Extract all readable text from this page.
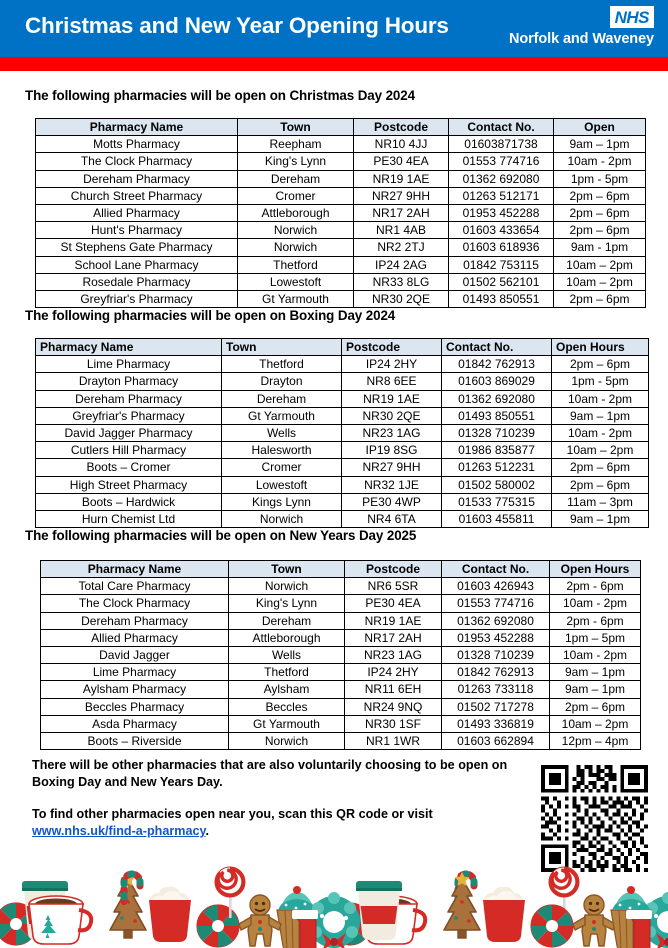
Christmas and New Year Opening Hours	NHS
Norfolk and Waveney
The following pharmacies will be open on Christmas Day 2024
Pharmacy Name	Town	Postcode	Contact No.	Open
Motts Pharmacy	Reepham	NR10 4JJ	01603871738	9am – 1pm
The Clock Pharmacy	King's Lynn	PE30 4EA	01553 774716	10am - 2pm
Dereham Pharmacy	Dereham	NR19 1AE	01362 692080	1pm - 5pm
Church Street Pharmacy	Cromer	NR27 9HH	01263 512171	2pm – 6pm
Allied Pharmacy	Attleborough	NR17 2AH	01953 452288	2pm – 6pm
Hunt's Pharmacy	Norwich	NR1 4AB	01603 433654	2pm – 6pm
St Stephens Gate Pharmacy	Norwich	NR2 2TJ	01603 618936	9am - 1pm
School Lane Pharmacy	Thetford	IP24 2AG	01842 753115	10am – 2pm
Rosedale Pharmacy	Lowestoft	NR33 8LG	01502 562101	10am – 2pm
Greyfriar's Pharmacy	Gt Yarmouth	NR30 2QE	01493 850551	2pm – 6pm
The following pharmacies will be open on Boxing Day 2024
Pharmacy Name	Town	Postcode	Contact No.	Open Hours
Lime Pharmacy	Thetford	IP24 2HY	01842 762913	2pm – 6pm
Drayton Pharmacy	Drayton	NR8 6EE	01603 869029	1pm - 5pm
Dereham Pharmacy	Dereham	NR19 1AE	01362 692080	10am - 2pm
Greyfriar's Pharmacy	Gt Yarmouth	NR30 2QE	01493 850551	9am – 1pm
David Jagger Pharmacy	Wells	NR23 1AG	01328 710239	10am - 2pm
Cutlers Hill Pharmacy	Halesworth	IP19 8SG	01986 835877	10am – 2pm
Boots – Cromer	Cromer	NR27 9HH	01263 512231	2pm – 6pm
High Street Pharmacy	Lowestoft	NR32 1JE	01502 580002	2pm – 6pm
Boots – Hardwick	Kings Lynn	PE30 4WP	01533 775315	11am – 3pm
Hurn Chemist Ltd	Norwich	NR4 6TA	01603 455811	9am – 1pm
The following pharmacies will be open on New Years Day 2025
Pharmacy Name	Town	Postcode	Contact No.	Open Hours
Total Care Pharmacy	Norwich	NR6 5SR	01603 426943	2pm - 6pm
The Clock Pharmacy	King's Lynn	PE30 4EA	01553 774716	10am - 2pm
Dereham Pharmacy	Dereham	NR19 1AE	01362 692080	2pm - 6pm
Allied Pharmacy	Attleborough	NR17 2AH	01953 452288	1pm – 5pm
David Jagger	Wells	NR23 1AG	01328 710239	10am - 2pm
Lime Pharmacy	Thetford	IP24 2HY	01842 762913	9am – 1pm
Aylsham Pharmacy	Aylsham	NR11 6EH	01263 733118	9am – 1pm
Beccles Pharmacy	Beccles	NR24 9NQ	01502 717278	2pm – 6pm
Asda Pharmacy	Gt Yarmouth	NR30 1SF	01493 336819	10am – 2pm
Boots – Riverside	Norwich	NR1 1WR	01603 662894	12pm – 4pm
There will be other pharmacies that are also voluntarily choosing to be open on Boxing Day and New Years Day.
To find other pharmacies open near you, scan this QR code or visit www.nhs.uk/find-a-pharmacy.
